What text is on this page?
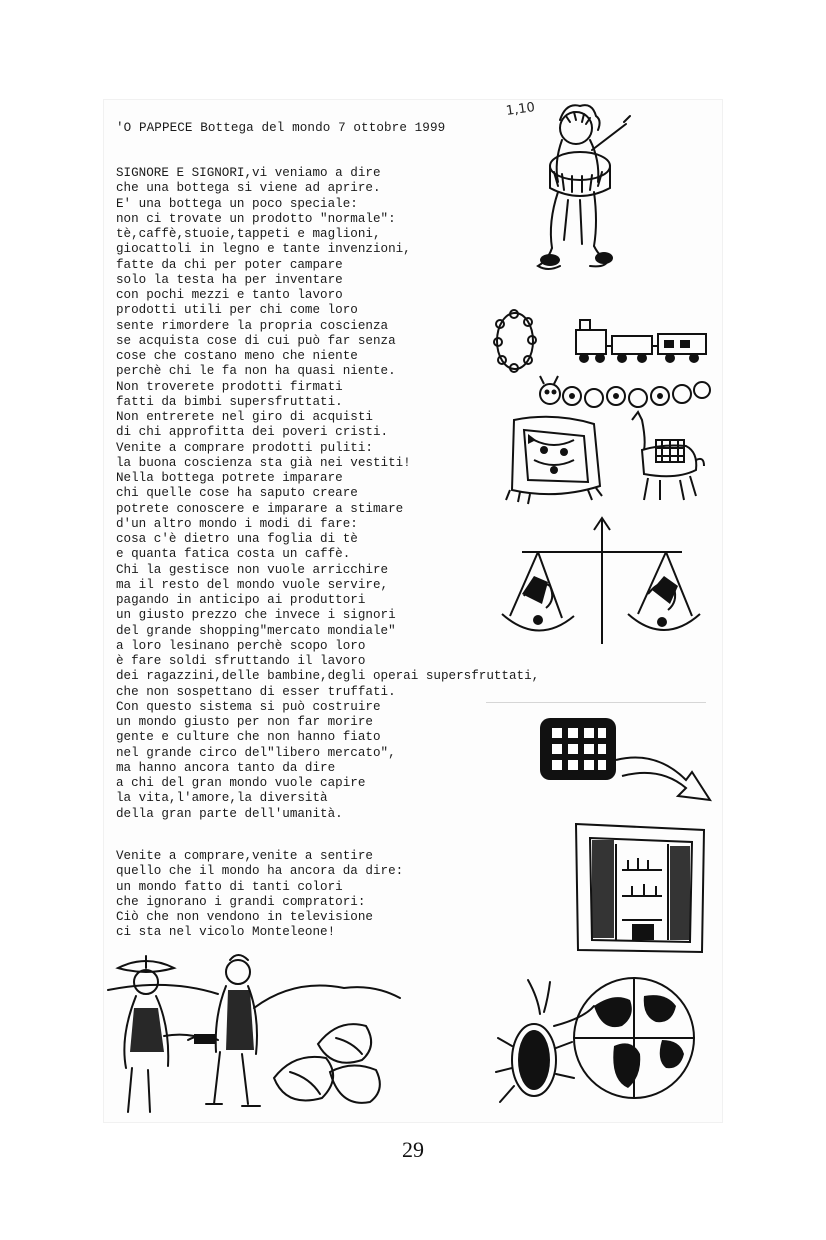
'O PAPPECE Bottega del mondo 7 ottobre 1999
1,10
SIGNORE E SIGNORI,vi veniamo a dire
che una bottega si viene ad aprire.
E' una bottega un poco speciale:
non ci trovate un prodotto "normale":
tè,caffè,stuoie,tappeti e maglioni,
giocattoli in legno e tante invenzioni,
fatte da chi per poter campare
solo la testa ha per inventare
con pochi mezzi e tanto lavoro
prodotti utili per chi come loro
sente rimordere la propria coscienza
se acquista cose di cui può far senza
cose che costano meno che niente
perchè chi le fa non ha quasi niente.
Non troverete prodotti firmati
fatti da bimbi supersfruttati.
Non entrerete nel giro di acquisti
di chi approfitta dei poveri cristi.
Venite a comprare prodotti puliti:
la buona coscienza sta già nei vestiti!
Nella bottega potrete imparare
chi quelle cose ha saputo creare
potrete conoscere e imparare a stimare
d'un altro mondo i modi di fare:
cosa c'è dietro una foglia di tè
e quanta fatica costa un caffè.
Chi la gestisce non vuole arricchire
ma il resto del mondo vuole servire,
pagando in anticipo ai produttori
un giusto prezzo che invece i signori
del grande shopping"mercato mondiale"
a loro lesinano perchè scopo loro
è fare soldi sfruttando il lavoro
dei ragazzini,delle bambine,degli operai supersfruttati,
che non sospettano di esser truffati.
Con questo sistema si può costruire
un mondo giusto per non far morire
gente e culture che non hanno fiato
nel grande circo del"libero mercato",
ma hanno ancora tanto da dire
a chi del gran mondo vuole capire
la vita,l'amore,la diversità
della gran parte dell'umanità.
Venite a comprare,venite a sentire
quello che il mondo ha ancora da dire:
un mondo fatto di tanti colori
che ignorano i grandi compratori:
Ciò che non vendono in televisione
ci sta nel vicolo Monteleone!
29
